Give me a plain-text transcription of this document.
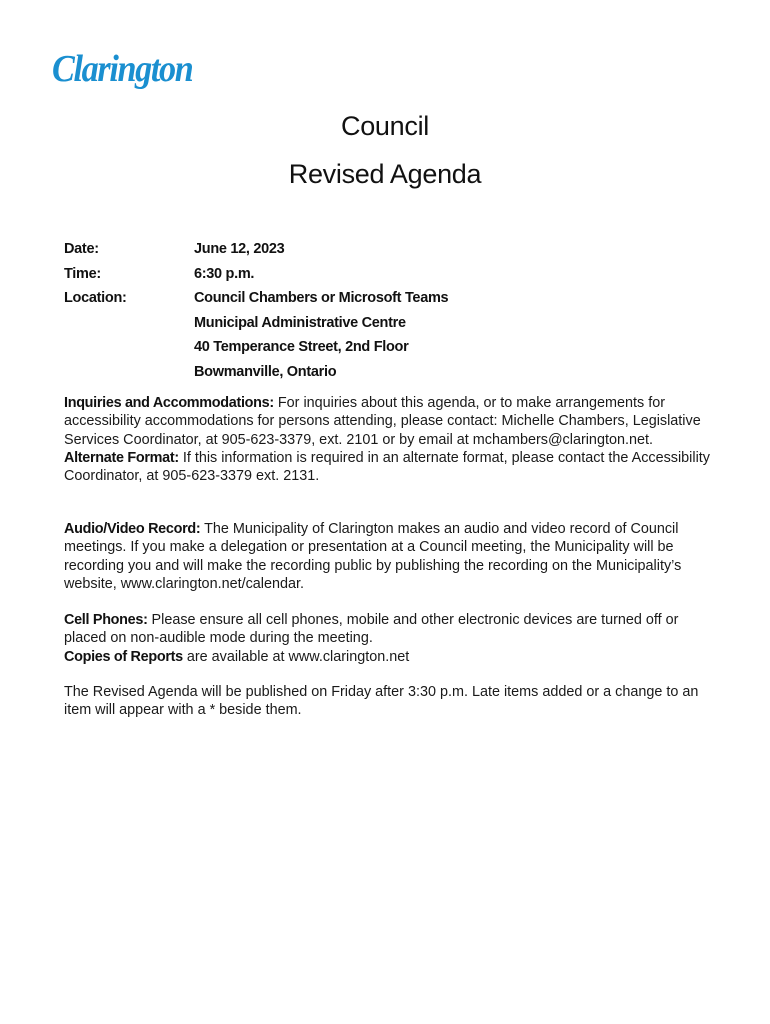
Clarington
Council
Revised Agenda
Date:	June 12, 2023
Time:	6:30 p.m.
Location:	Council Chambers or Microsoft Teams
Municipal Administrative Centre
40 Temperance Street, 2nd Floor
Bowmanville, Ontario
Inquiries and Accommodations: For inquiries about this agenda, or to make arrangements for accessibility accommodations for persons attending, please contact: Michelle Chambers, Legislative Services Coordinator, at 905-623-3379, ext. 2101 or by email at mchambers@clarington.net.
Alternate Format: If this information is required in an alternate format, please contact the Accessibility Coordinator, at 905-623-3379 ext. 2131.
Audio/Video Record: The Municipality of Clarington makes an audio and video record of Council meetings. If you make a delegation or presentation at a Council meeting, the Municipality will be recording you and will make the recording public by publishing the recording on the Municipality’s website, www.clarington.net/calendar.
Cell Phones: Please ensure all cell phones, mobile and other electronic devices are turned off or placed on non-audible mode during the meeting.
Copies of Reports are available at www.clarington.net
The Revised Agenda will be published on Friday after 3:30 p.m. Late items added or a change to an item will appear with a * beside them.
